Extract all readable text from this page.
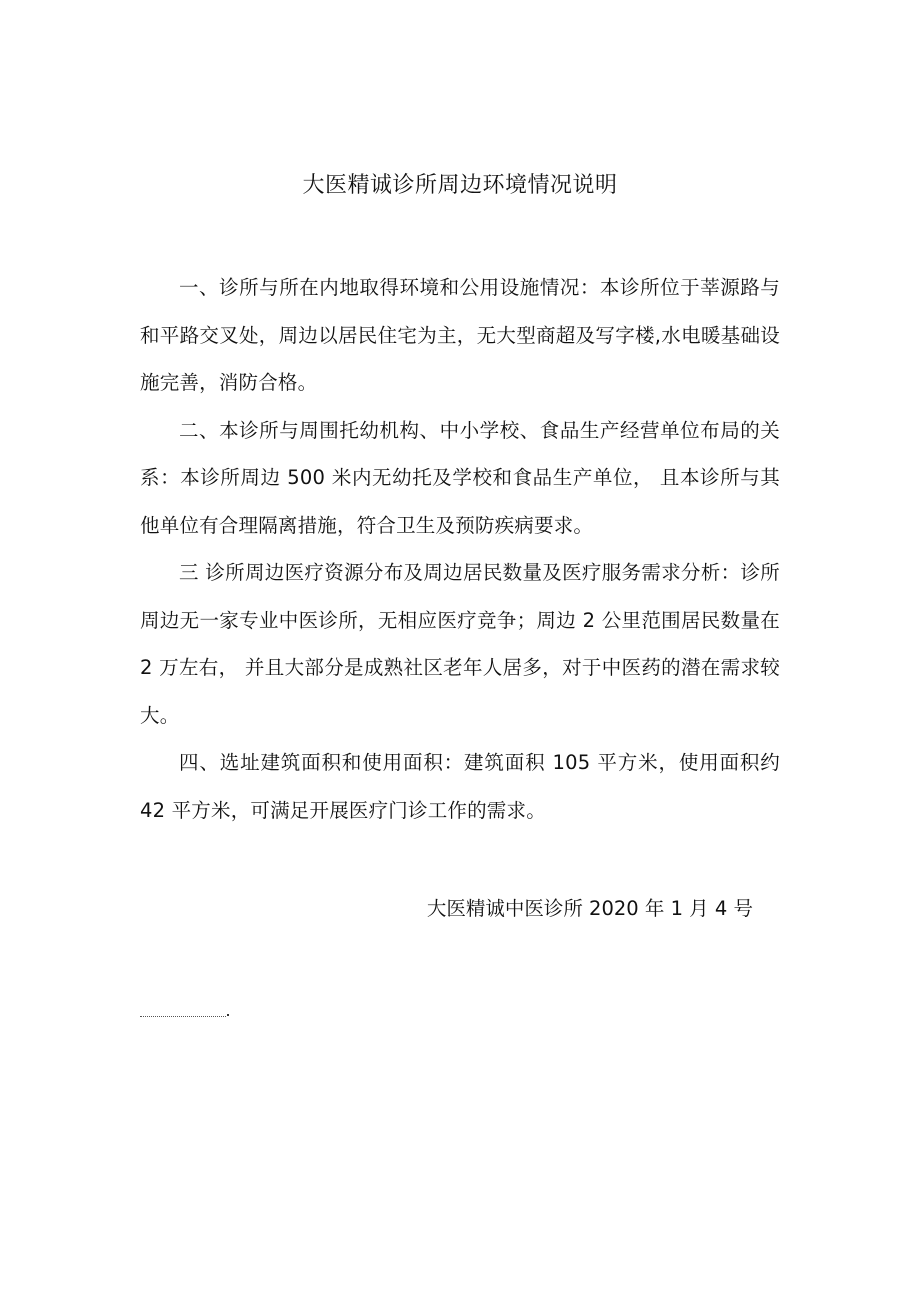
大医精诚诊所周边环境情况说明

一、诊所与所在内地取得环境和公用设施情况：本诊所位于莘源路与和平路交叉处，周边以居民住宅为主，无大型商超及写字楼,水电暖基础设施完善，消防合格。

二、本诊所与周围托幼机构、中小学校、食品生产经营单位布局的关系：本诊所周边 500 米内无幼托及学校和食品生产单位， 且本诊所与其他单位有合理隔离措施，符合卫生及预防疾病要求。

三 诊所周边医疗资源分布及周边居民数量及医疗服务需求分析：诊所周边无一家专业中医诊所，无相应医疗竞争；周边 2 公里范围居民数量在 2 万左右， 并且大部分是成熟社区老年人居多，对于中医药的潜在需求较大。

四、选址建筑面积和使用面积：建筑面积 105 平方米，使用面积约 42 平方米，可满足开展医疗门诊工作的需求。

大医精诚中医诊所 2020 年 1 月 4 号
